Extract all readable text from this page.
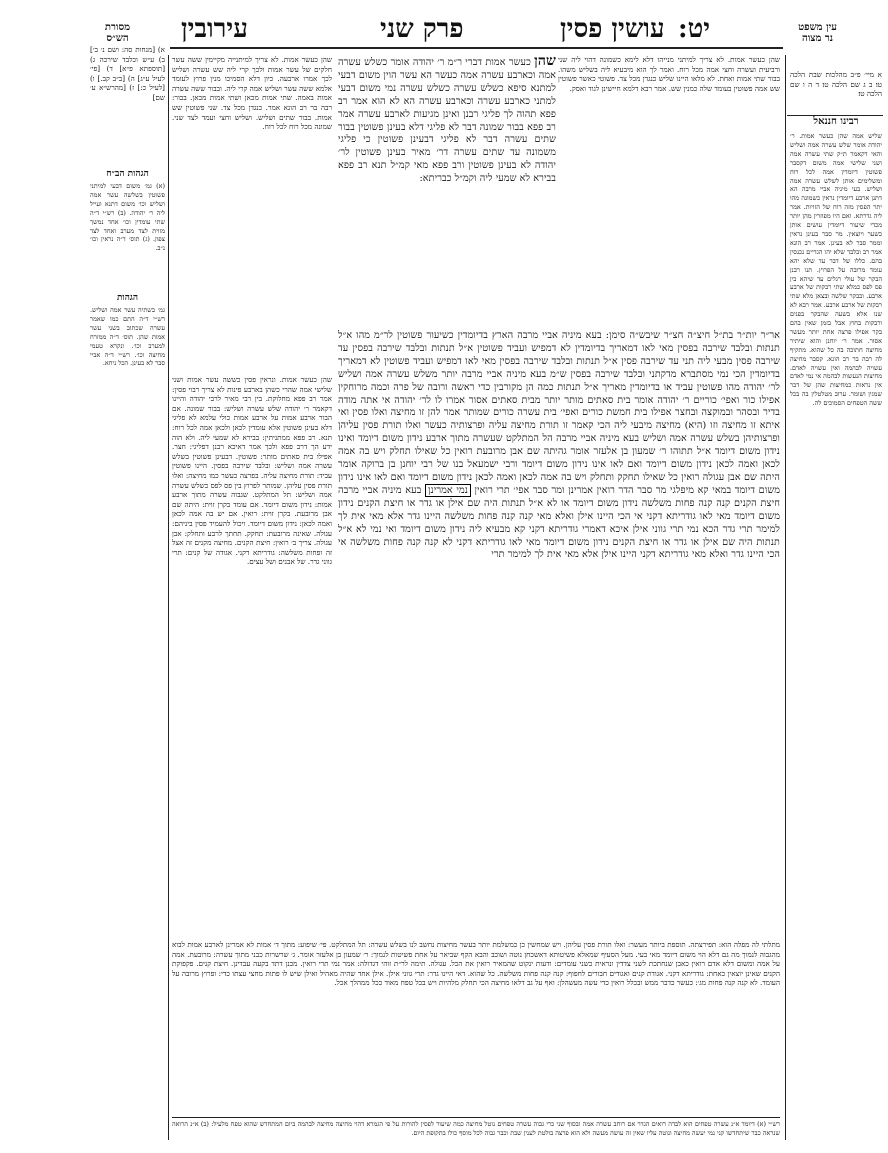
מסורת
הש״ס עירובין	פרק שני	עושין פסין יט:	עין משפט
נר מצוה
א מיי׳ פ״ב מהלכות שבת הלכה טו׃ ב ג שם הלכה טו׃ ד ה ו שם הלכה טז׃
רבינו חננאל
שליש אמה שהן כעשר אמות. ר׳ יהודה אומר שלש עשרה אמה ושליש והאי דקאמר ת״ק שתי עשרה אמה ושני שלישי אמה משום דקסבר פשוטין דיומדין אמה לכל רוח ומשלימים אותן לשלש עשרה אמה ושליש. בעי מיניה אביי מרבה הא דתנן ארבע דיומדין נראין כשמונה מהו יתר הפסין מזה רוח של הזויות. אמר ליה גדרתא. ואם היו מפוזרין מהן יותר מכדי שיעור דיומדין עושים אותן כשער ויוצאין. מר סבר בעינן נראין וממר סבר לא בעינן. אמר רב הונא אמר רב ובלבד שלא יהו הגדיים נכנסין בהם. כללו של דבר עד שלא יהא עומד מרובה על הפרוץ. תנו רבנן הבקר של עולי רגלים עד שיהא בין פס לפס כמלא שתי רבקות של ארבע ארבע. ובבקר שלשה ובצאן מלא שתי רבקות של ארבע ארבע. אמר רבא לא שנו אלא בשעה שהבקר בפנים ורבקות בחוץ אבל בזמן שאין בהם בקר אפילו פרצה אחת יותר מעשר אסור. אמר ר׳ יוחנן והוא שיתיר מחיצה חתוכה בה כל שהוא. מתקיף לה רבה בר רב הונא. קסבר מחיצה עשויה לבהמה ואין עשויה לאדם. מחיצות הנעשות לבהמה אי נמי לאדם אין נראות כמחיצות שהן של דבר שמגין ושומר. ערוב מטלטלין בה בכל ששה הטפחים הסמוכים לה.
א) [מנחות סה: ושם נ׳ ב׳] ב) ע״ש וכלבד שירכה ג) [תוספתא פ״א] ד) [פי׳ לעיל ע״ג] ה) [ב״ב קב.] ו) [לעיל כ:] ז) [מהרש״א ע׳ שם]
הגהות הב״ח
(א) גמ׳ משום דבעי למיתני פשוטין בשלשה עשר אמה ושליש וכו׳ משום דתנא ועייל ליה ר׳ יהודה. (ב) רש״י ד״ה שתי עומדין וכו׳ אחד נמשך מזוית לצד מערב ואחד לצד צפון. (ג) תוס׳ ד״ה נראין וכו׳ נ״ב.
הגהות
גמ׳ בשתיה עשר אמה ושליש. רש״י ד״ה התם כמו שאמר עשרה שכתוב בשני עשר אמות שהן. תוס׳ ד״ה ממזרח למערב וכו׳. ונקרא טעמי מחיצה וכו׳. רש״י ד״ה אביי סבר לא בעינן. הכל ניחא.
שהן כעשר אמות. לא צריך למיתנייה מקיימין ששה עשר חלקים של עשר אמות ולכך קרי ליה שש עשרה ושליש לכך אמרו ארבעה. כיון דלא הסמיכו מנין פרוץ לעומד אלמא ששה עשר ושליש אמה קרי ליה. ובבור ששה עשרה אמות באמה. שתי אמות מכאן ושתי אמות מכאן. בבור: רבה בר רב הונא אמר. כנגדן מכל צד. שני פשוטין שש אמות. בבור שתים ושליש. ושליש וחצי ועמד לצד שני. שמונה מכל רוח לכל רוח.
שהן כעשר אמות. לא צריך למיתני מנייהו דלא לימא כשמונה דהוי ליה שני ורביעית ועשרה וחצי אמה מכל רוח. ואמר לך הוא מיבעיא ליה בשליש משהו. בבור שתי אמות ואחת. לא מלאו היינו שליש כנגדן מכל צד. פשוטי כאשר פשוטין שש אמה פשוטין בעומד שלה כמנין שש. אמר רבא דלמא חיישינן לגוד ואסק.
שהן כעשר אמות דברי ר״מ ר׳ יהודה אומר כשלש עשרה אמה וכארבע עשרה אמה כעשר הא עשר הוין משום דבעי למתנא סיפא כשלש עשרה כשלש עשרה נמי משום דבעי למתני כארבע עשרה וכארבע עשרה הא לא הוא אמר רב פפא תהוה לך פליגי רבנן ואינן מגיעות לארבע עשרה אמר רב פפא בבור שמונה דבר לא פליגי דלא בעינן פשוטין בבור שתים עשרה דבר לא פליגי דבעינן פשוטין כי פליגי משמונה עד שתים עשרה דר׳ מאיר בעינן פשוטין לר׳ יהודה לא בעינן פשוטין ורב פפא מאי קמ״ל תנא רב פפא בבירא לא שמעי ליה וקמ״ל כבריתא:
אר״ר יות״ר בת״ל חיצ״ה חצ״ר שיבש״ה סימן: בעא מיניה אביי מרבה הארץ בדיומדין כשיעור פשוטין לר״מ מהו א״ל תנתות ובלבד שירבה בפסין מאי לאו דמאריך בדיומדין לא דמפיש ועביד פשוטין א״ל תנתות ובלבד שירבה בפסין עד שירבה פסין מבעי ליה תני עד שירבה פסין א״ל תנתות ובלבד שירבה בפסין מאי לאו דמפיש ועביד פשוטין לא דמאריך בדיומדין הכי נמי מסתברא מדקתני ובלבד שירבה בפסין ש״מ בעא מיניה אביי מרבה יותר משלש עשרה אמה ושליש לר׳ יהודה מהו פשוטין עביד או בדיומדין מאריך א״ל תנתות כמה הן מקורבין כדי ראשה ורובה של פרה וכמה מרוחקין אפילו כור ואפי׳ כוריים ר׳ יהודה אומר בית סאתים מותר יותר מבית סאתים אסור אמרו לו לר׳ יהודה אי אתה מודה בדיר ובסהר ובמוקצה ובחצר אפילו בית חמשת כורים ואפי׳ בית עשרה כורים שמותר אמר להן זו מחיצה ואלו פסין ואי איתא זו מחיצה וזו (היא) מחיצה מיבעי ליה הכי קאמר זו תורת מחיצה עליה ופרצותיה כעשר ואלו תורת פסין עליהן ופרצותיהן בשלש עשרה אמה ושליש בעא מיניה אביי מרבה הל המתלקט שעשרה מתוך ארבע נידון משום דיומד ואינו נידון משום דיומד א״ל תתוהו ר׳ שמעון בן אלעזר אומר גהיתה שם אבן מרובעת רואין כל שאילו תחלק ויש בה אמה לכאן ואמה לכאן נידון משום דיומד ואם לאו אינו נידון משום דיומד ורבי ישמעאל בנו של רבי יוחנן בן ברוקה אומר היתה שם אבן עגולה רואין כל שאילו תחקק ותחלק ויש בה אמה לכאן ואמה לכאן נידון משום דיומד ואם לאו אינו נידון משום דיומד במאי קא מיפלגי מר סבר הדר רואין אמרינן ומר סבר אפי׳ תרי רואין נמי אמרינן בעא מיניה אביי מרבה חיצת הקנים קנה קנה פחות משלשה נידון משום דיומד או לא א״ל תנתות היה שם אילן או גדר או חיצת הקנים נידון משום דיומד מאי לאו גודריתא דקני אי הכי היינו אילן ואלא מאי קנה קנה פחות משלשה היינו גדר אלא מאי אית לך למימר תרי גדר הכא נמי תרי גווני אילן איכא דאמרי גודריתא דקני קא מבעיא ליה נידון משום דיומד ואי נמי לא א״ל תנתות היה שם אילן או גדר או חיצת הקנים נידון משום דיומד מאי לאו גודריתא דקני לא קנה קנה פחות משלשה אי הכי היינו גדר ואלא מאי גודריתא דקני היינו אילן אלא מאי אית לך למימר תרי
שהן כעשר אמות. ונראין פסין כששה עשר אמות ושני שלישי אמה שהרי כשהן בארבע פינות לא צריך רבוי פסין: אמר רב פפא מחלוקת. בין רבי מאיר לרבי יהודה והיינו דקאמר ר׳ יהודה שלש עשרה ושליש: בבור שמונה. אם הבור ארבע אמות על ארבע אמות כולי עלמא לא פליגי דלא בעינן פשוטין אלא עומדין לכאן ולכאן אמה לכל רוח: תנא. רב פפא ממתניתין: בבירא לא שמעי ליה. ולא הוה ידע הך דרב פפא ולכך אמר דאיכא רבנן דפליגי: חצר. אפילו בית סאתים מותר: פשוטין. דבעינן פשוטין בשלש עשרה אמה ושליש: ובלבד שירבה בפסין. היינו פשוטין עביד: תורת מחיצה עליה. בפרצה כעשר כמו מחיצה: ואלו תורת פסין עליהן. שמותר לפרוץ בין פס לפס כשלש עשרה אמה ושליש: תל המתלקט. שגבוה עשרה מתוך ארבע אמות: נידון משום דיומד. אם עומד בקרן זוית: היתה שם אבן מרובעת. בקרן זוית: רואין. אם יש בה אמה לכאן ואמה לכאן: נידון משום דיומד. ויכול להעמיד פסין ביניהם: עגולה. שאינה מרובעת: תחקק. תחתך לרבע ותחלק: אבן עגולה. צריך ב׳ רואין: חיצת הקנים. מחיצה מקנים זה אצל זה ופחות משלשה: גודריתא דקני. אגודה של קנים: תרי גווני גדר. של אבנים ושל עצים.
מתלתי לה מפלה הוא: תפירצתה. תוספת ביותר מעשר: ואלו תורת פסין עליהן. ויש שמחשין כן כמשלמת יותר בעשר מחיצות נחשב לנו בשלש עשרה: תל המתלקט. פי׳ שיפוע: מתוך ד׳ אמות לא אמרינן לארבע אמות לבוא מהגבוה לנמוך מה גם דלא הוי משום דיומד מאי בעי. מעל הסעיף שמאלא פשיטותא דאשכחן נוטה ושוכב והבא הקף שביאר על אחת פשיטות לנמוך: ר׳ שמעון בן אלעזר אומר. ג׳ שרשרות כבני מתוך עשרה: מרובעת. אמה על אמה ומשום דלא אדם רואין כאבן שנחתכת לשני צדדין ונראית כשני עומדים: ודעות ינקוט שהמאיר רואין את הכל. עגולה. תימה לר״ת זוהי דגדולה: אמר נמי תרי רואין. מכנן דתד בקעה עבדינן. חיצת קנים. פקפוקת הקנים שאינן יוצאין כאחת: גודריתא דקני. אגודת קנים ואגודים חבורים לחפוף: קנה קנה פחות משלשה. כל שהוא. דאי היינו גדר: תרי גווני אילן. אילן אחד שהיה מאהיל ואילן שיש לו פתות מחצי עצתו כדי: ופרוץ מרובה על העומד. לא קנה קנה פחות מג׳: כעשר כדבר ממש ובכלל רואין כדי עשה מעשהלן: ואף על גב דלאו מחיצה הכי תחלק מלהיות ויש בכל טפח מאוד ככל ממהלך אכל.
רש״י (א) דיומד א״נ עשרה טפחים הוא לבדה רואים הגדר אם רוחב עשרה אמה ובסוף שני כרי גבוה עשרה טפחים נוטל מחיצה כמה שיעור לפסין להורות על פי הגמרא דהוי מחיצה מחיצה לבהמה ביום המתחדש שהוא טפח מלעיל: (ב) א״נ הרואה שנראה כבר שיתחדשו קני נמי יעשה מחיצה ונוטה עליו שאין זה עושה מעשה ולא הוא פרצה בולטת לענין שבת וכבר גבוה לכל מוסף כולו בתקופת היום.
